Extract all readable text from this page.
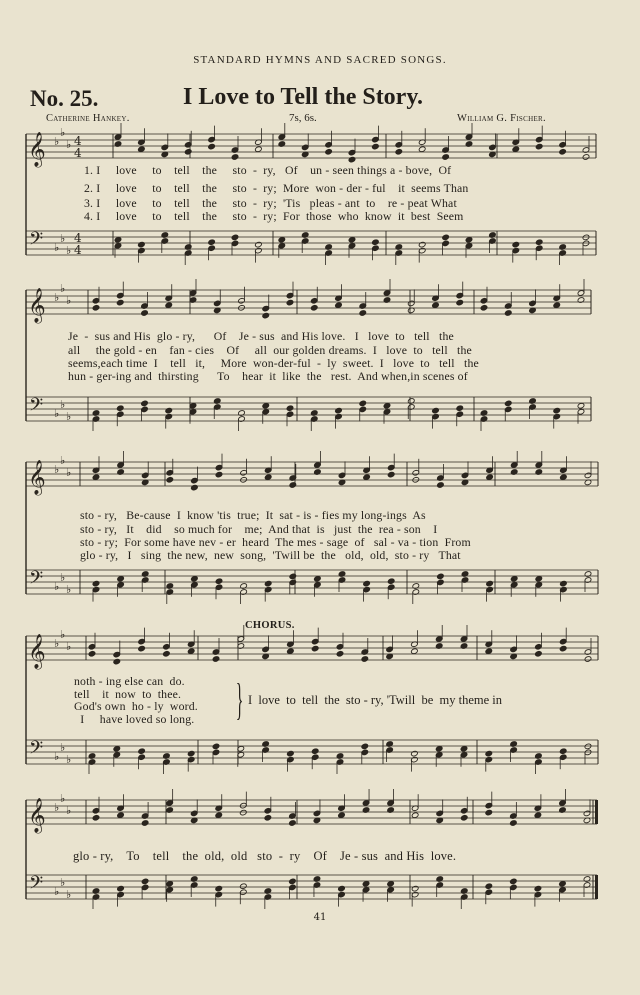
STANDARD HYMNS AND SACRED SONGS.
No. 25.	I Love to Tell the Story.
Catherine Hankey.	7s, 6s.	William G. Fischer.
𝄞
𝄢
♭
♭
♭
♭
♭
♭
4
4
4
4
𝄞
𝄢
♭
♭
♭
♭
♭
♭
𝄞
𝄢
♭
♭
♭
♭
♭
♭
𝄞
𝄢
♭
♭
♭
♭
♭
♭
𝄞
𝄢
♭
♭
♭
♭
♭
♭
1. I     love     to    tell    the     sto  -  ry,   Of    un - seen things a - bove,  Of
2. I     love     to    tell    the     sto  -  ry;  More  won - der - ful    it  seems Than
3. I     love     to    tell    the     sto  -  ry;  'Tis   pleas - ant  to    re - peat What
4. I     love     to    tell    the     sto  -  ry;  For  those  who  know  it  best  Seem
Je  -  sus and His  glo - ry,      Of    Je - sus  and His love.   I   love  to   tell   the
all     the gold - en    fan - cies    Of     all  our golden dreams.  I   love  to   tell   the
seems,each time  I    tell   it,     More  won-der-ful  -  ly  sweet.  I   love  to   tell   the
hun - ger-ing and  thirsting      To    hear  it  like  the   rest.  And when,in scenes of
sto - ry,   Be-cause  I  know 'tis  true;  It  sat - is - fies my long-ings  As
sto - ry,   It    did    so much for    me;  And that  is   just  the  rea - son    I
sto - ry;  For some have nev - er  heard  The mes - sage  of   sal - va - tion  From
glo - ry,   I   sing  the new,  new  song,  'Twill be  the   old,  old,  sto - ry   That
CHORUS.
noth - ing else can  do.
tell    it  now  to  thee.
God's own  ho - ly  word.
I     have loved so long. } I  love  to  tell  the  sto - ry, 'Twill  be  my theme in
glo - ry,    To    tell    the  old,  old   sto  -  ry    Of    Je - sus  and His  love.
41
